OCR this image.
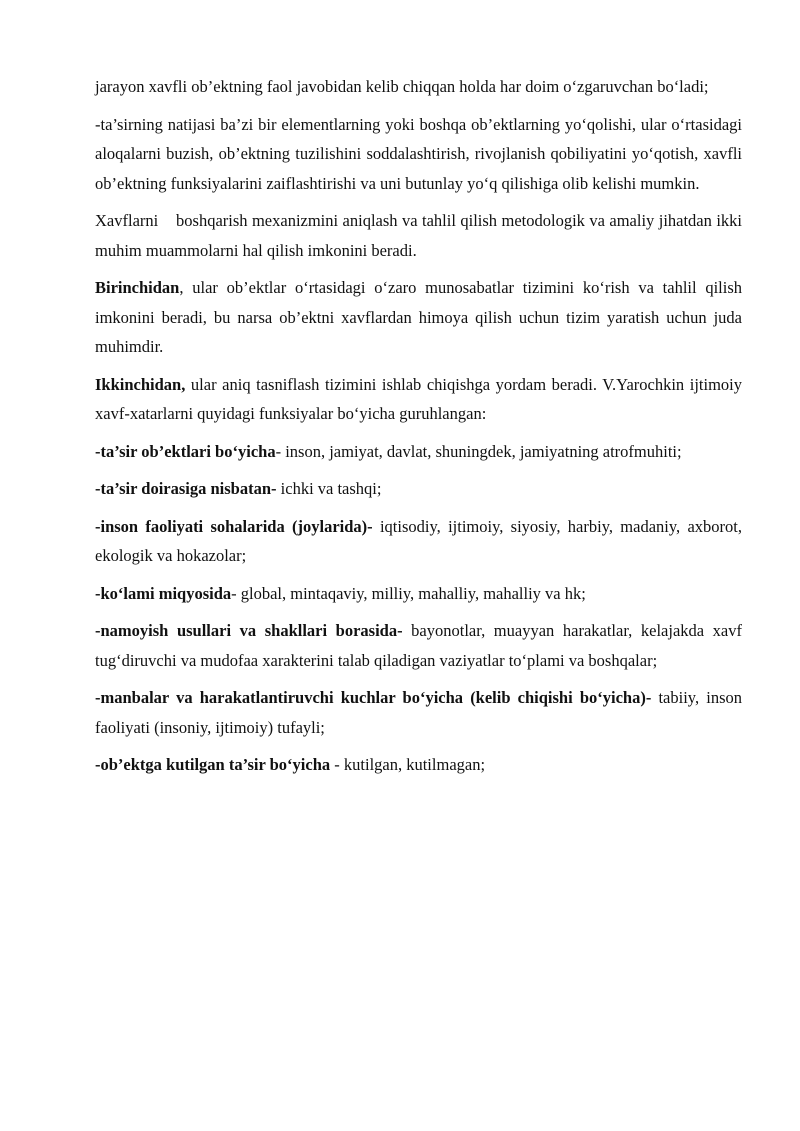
jarayon xavfli ob’ektning faol javobidan kelib chiqqan holda har doim o‘zgaruvchan bo‘ladi;

-ta’sirning natijasi ba’zi bir elementlarning yoki boshqa ob’ektlarning yo‘qolishi, ular o‘rtasidagi aloqalarni buzish, ob’ektning tuzilishini soddalashtirish, rivojlanish qobiliyatini yo‘qotish, xavfli ob’ektning funksiyalarini zaiflashtirishi va uni butunlay yo‘q qilishiga olib kelishi mumkin.

Xavflarni    boshqarish mexanizmini aniqlash va tahlil qilish metodologik va amaliy jihatdan ikki muhim muammolarni hal qilish imkonini beradi.

Birinchidan, ular ob’ektlar o‘rtasidagi o‘zaro munosabatlar tizimini ko‘rish va tahlil qilish imkonini beradi, bu narsa ob’ektni xavflardan himoya qilish uchun tizim yaratish uchun juda muhimdir.

Ikkinchidan, ular aniq tasniflash tizimini ishlab chiqishga yordam beradi. V.Yarochkin ijtimoiy xavf-xatarlarni quyidagi funksiyalar bo‘yicha guruhlangan:

-ta’sir ob’ektlari bo‘yicha- inson, jamiyat, davlat, shuningdek, jamiyatning atrofmuhiti;

-ta’sir doirasiga nisbatan- ichki va tashqi;

-inson faoliyati sohalarida (joylarida)- iqtisodiy, ijtimoiy, siyosiy, harbiy, madaniy, axborot, ekologik va hokazolar;

-ko‘lami miqyosida- global, mintaqaviy, milliy, mahalliy, mahalliy va hk;

-namoyish usullari va shakllari borasida- bayonotlar, muayyan harakatlar, kelajakda xavf tug‘diruvchi va mudofaa xarakterini talab qiladigan vaziyatlar to‘plami va boshqalar;

-manbalar va harakatlantiruvchi kuchlar bo‘yicha (kelib chiqishi bo‘yicha)- tabiiy, inson faoliyati (insoniy, ijtimoiy) tufayli;

-ob’ektga kutilgan ta’sir bo‘yicha - kutilgan, kutilmagan;
